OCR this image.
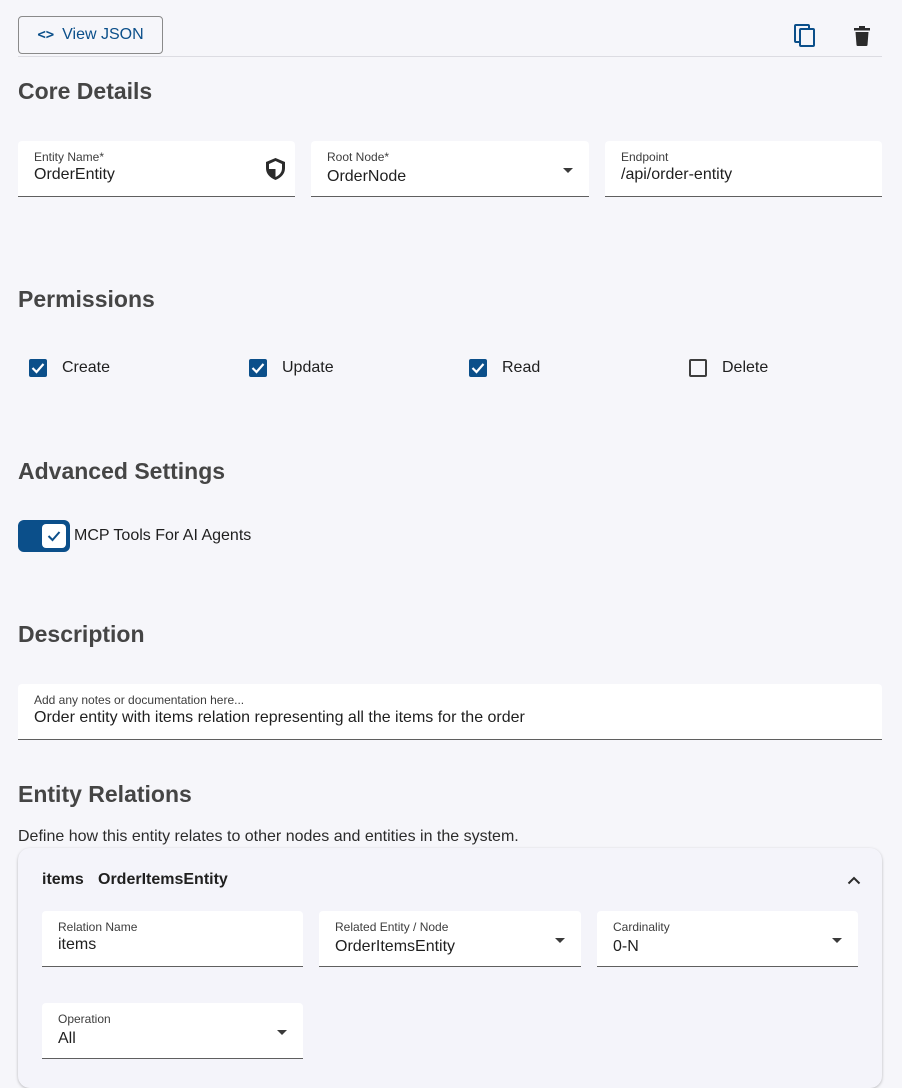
<> View JSON
Core Details
Entity Name*
OrderEntity
Root Node*
OrderNode
Endpoint
/api/order-entity
Permissions
Create	Update	Read	Delete
Advanced Settings
MCP Tools For AI Agents
Description
Add any notes or documentation here...
Order entity with items relation representing all the items for the order
Entity Relations
Define how this entity relates to other nodes and entities in the system.
items OrderItemsEntity
Relation Name
items
Related Entity / Node
OrderItemsEntity
Cardinality
0-N
Operation
All
